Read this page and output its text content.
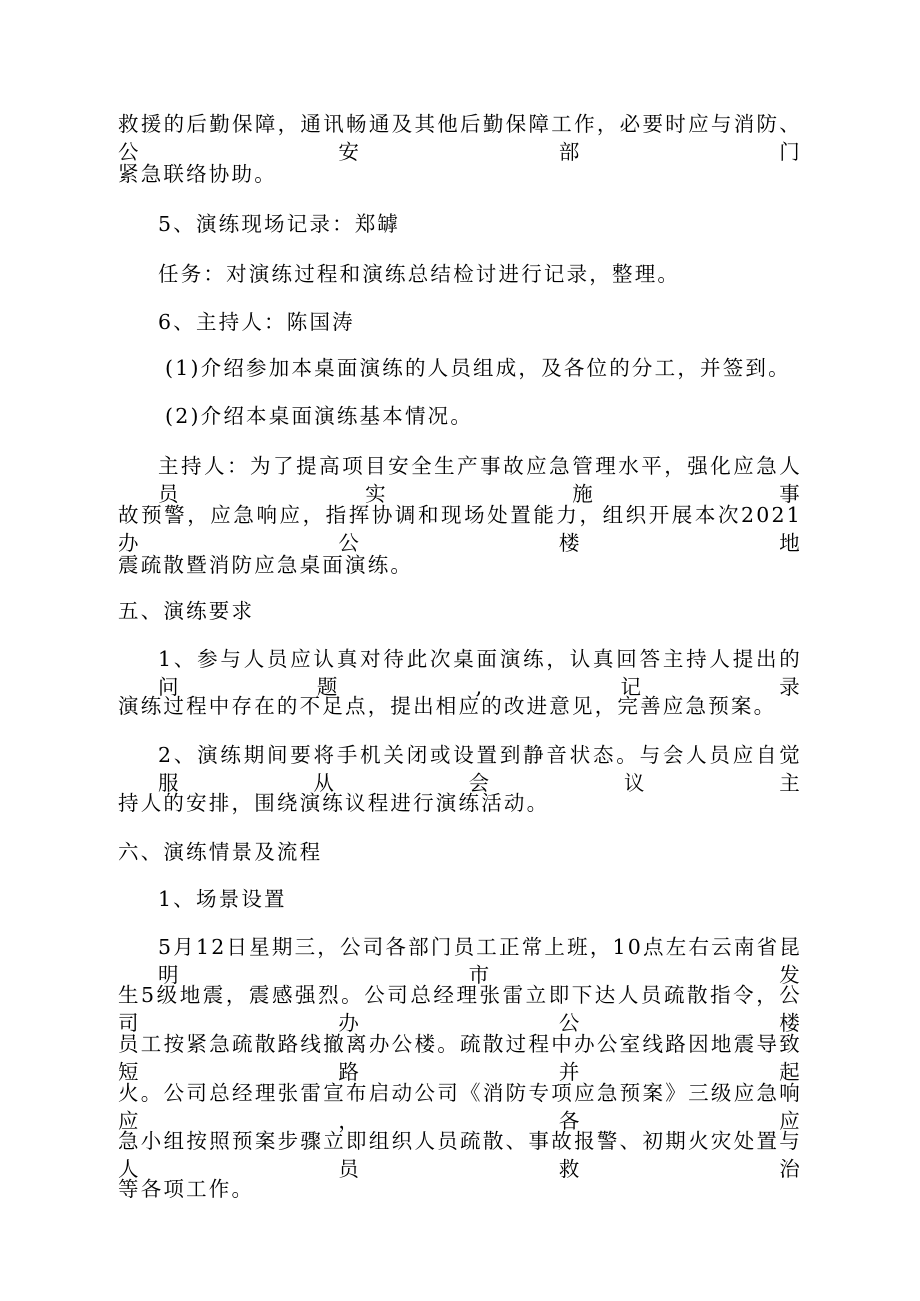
救援的后勤保障，通讯畅通及其他后勤保障工作，必要时应与消防、公安部门
紧急联络协助。
5、演练现场记录：郑罅
任务：对演练过程和演练总结检讨进行记录，整理。
6、主持人：陈国涛
(1)介绍参加本桌面演练的人员组成，及各位的分工，并签到。
(2)介绍本桌面演练基本情况。
主持人：为了提高项目安全生产事故应急管理水平，强化应急人员实施事
故预警，应急响应，指挥协调和现场处置能力，组织开展本次2021办公楼地
震疏散暨消防应急桌面演练。
五、演练要求
1、参与人员应认真对待此次桌面演练，认真回答主持人提出的问题,记录
演练过程中存在的不足点，提出相应的改进意见，完善应急预案。
2、演练期间要将手机关闭或设置到静音状态。与会人员应自觉服从会议主
持人的安排，围绕演练议程进行演练活动。
六、演练情景及流程
1、场景设置
5月12日星期三，公司各部门员工正常上班，10点左右云南省昆明市发
生5级地震，震感强烈。公司总经理张雷立即下达人员疏散指令，公司办公楼
员工按紧急疏散路线撤离办公楼。疏散过程中办公室线路因地震导致短路并起
火。公司总经理张雷宣布启动公司《消防专项应急预案》三级应急响应，各应
急小组按照预案步骤立即组织人员疏散、事故报警、初期火灾处置与人员救治
等各项工作。
